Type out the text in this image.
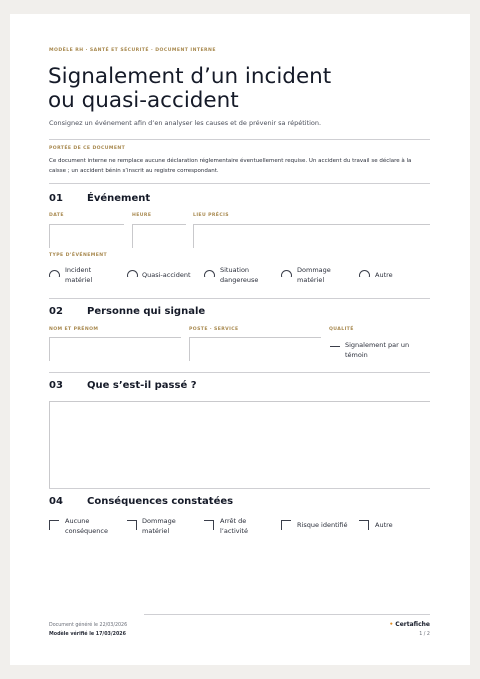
MODÈLE RH · SANTÉ ET SÉCURITÉ · DOCUMENT INTERNE
Signalement d’un incident
ou quasi-accident
Consignez un événement afin d’en analyser les causes et de prévenir sa répétition.
PORTÉE DE CE DOCUMENT
Ce document interne ne remplace aucune déclaration réglementaire éventuellement requise. Un accident du travail se déclare à la caisse ; un accident bénin s’inscrit au registre correspondant.
01 Événement
DATE	HEURE	LIEU PRÉCIS
TYPE D’ÉVÉNEMENT
Incident
matériel
Quasi-accident
Situation
dangereuse
Dommage
matériel
Autre
02 Personne qui signale
NOM ET PRÉNOM	POSTE · SERVICE	QUALITÉ
Signalement par un
témoin
03 Que s’est-il passé ?
04 Conséquences constatées
Aucune
conséquence
Dommage
matériel
Arrêt de
l’activité
Risque identifié	Autre
Document généré le 22/03/2026
Modèle vérifié le 17/03/2026
• Certafiche
1 / 2
